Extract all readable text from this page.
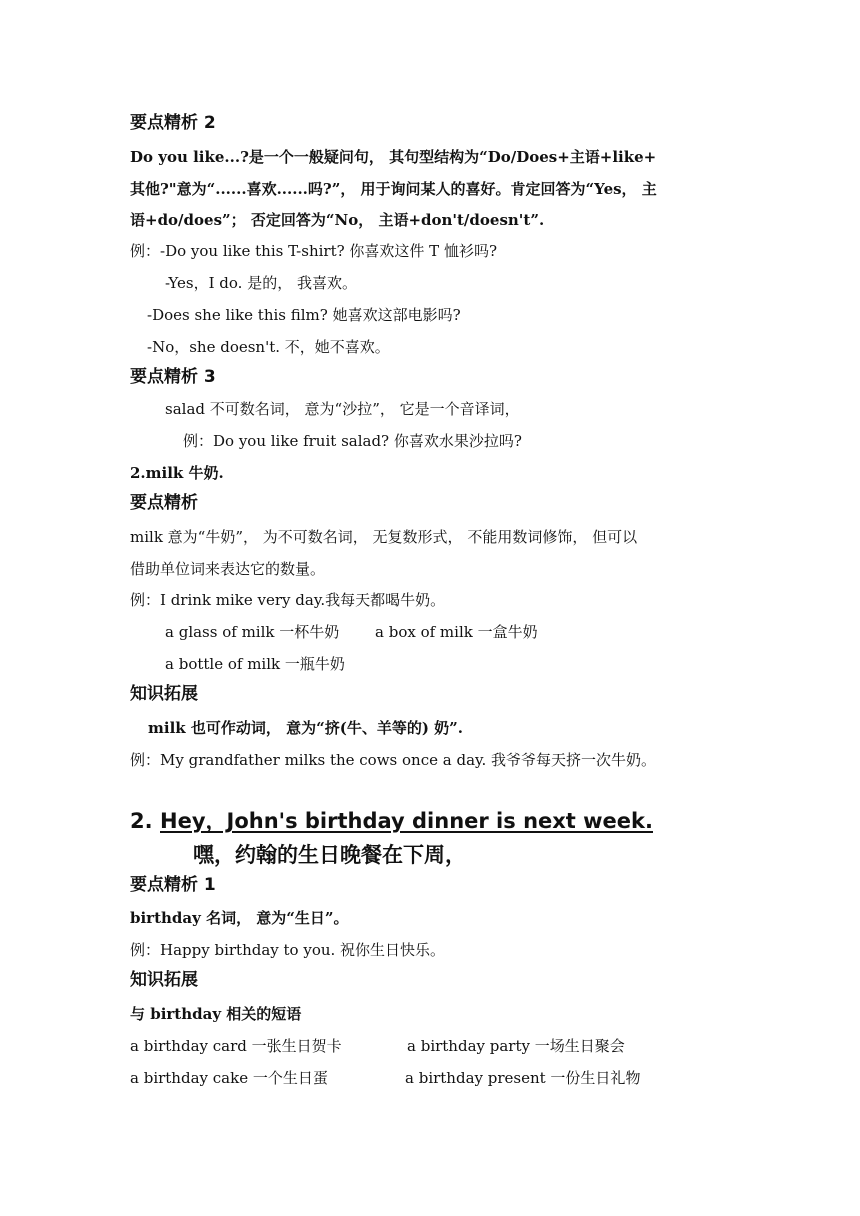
要点精析 2
Do you like...?是一个一般疑问句， 其句型结构为“Do/Does+主语+like+
其他?"意为“......喜欢......吗?”， 用于询问某人的喜好。肯定回答为“Yes， 主
语+do/does”； 否定回答为“No， 主语+don't/doesn't”.
例：-Do you like this T-shirt? 你喜欢这件 T 恤衫吗?
-Yes，I do. 是的， 我喜欢。
-Does she like this film? 她喜欢这部电影吗?
-No，she doesn't. 不，她不喜欢。
要点精析 3
salad 不可数名词， 意为“沙拉”， 它是一个音译词，
例：Do you like fruit salad? 你喜欢水果沙拉吗?
2.milk 牛奶.
要点精析
milk 意为“牛奶”， 为不可数名词， 无复数形式， 不能用数词修饰， 但可以
借助单位词来表达它的数量。
例：I drink mike very day.我每天都喝牛奶。
a glass of milk 一杯牛奶 a box of milk 一盒牛奶
a bottle of milk 一瓶牛奶
知识拓展
milk 也可作动词， 意为“挤(牛、羊等的) 奶”.
例：My grandfather milks the cows once a day. 我爷爷每天挤一次牛奶。
2. Hey，John's birthday dinner is next week.
嘿，约翰的生日晚餐在下周，
要点精析 1
birthday 名词， 意为“生日”。
例：Happy birthday to you. 祝你生日快乐。
知识拓展
与 birthday 相关的短语
a birthday card 一张生日贺卡	a birthday party 一场生日聚会
a birthday cake 一个生日蛋	a birthday present 一份生日礼物
